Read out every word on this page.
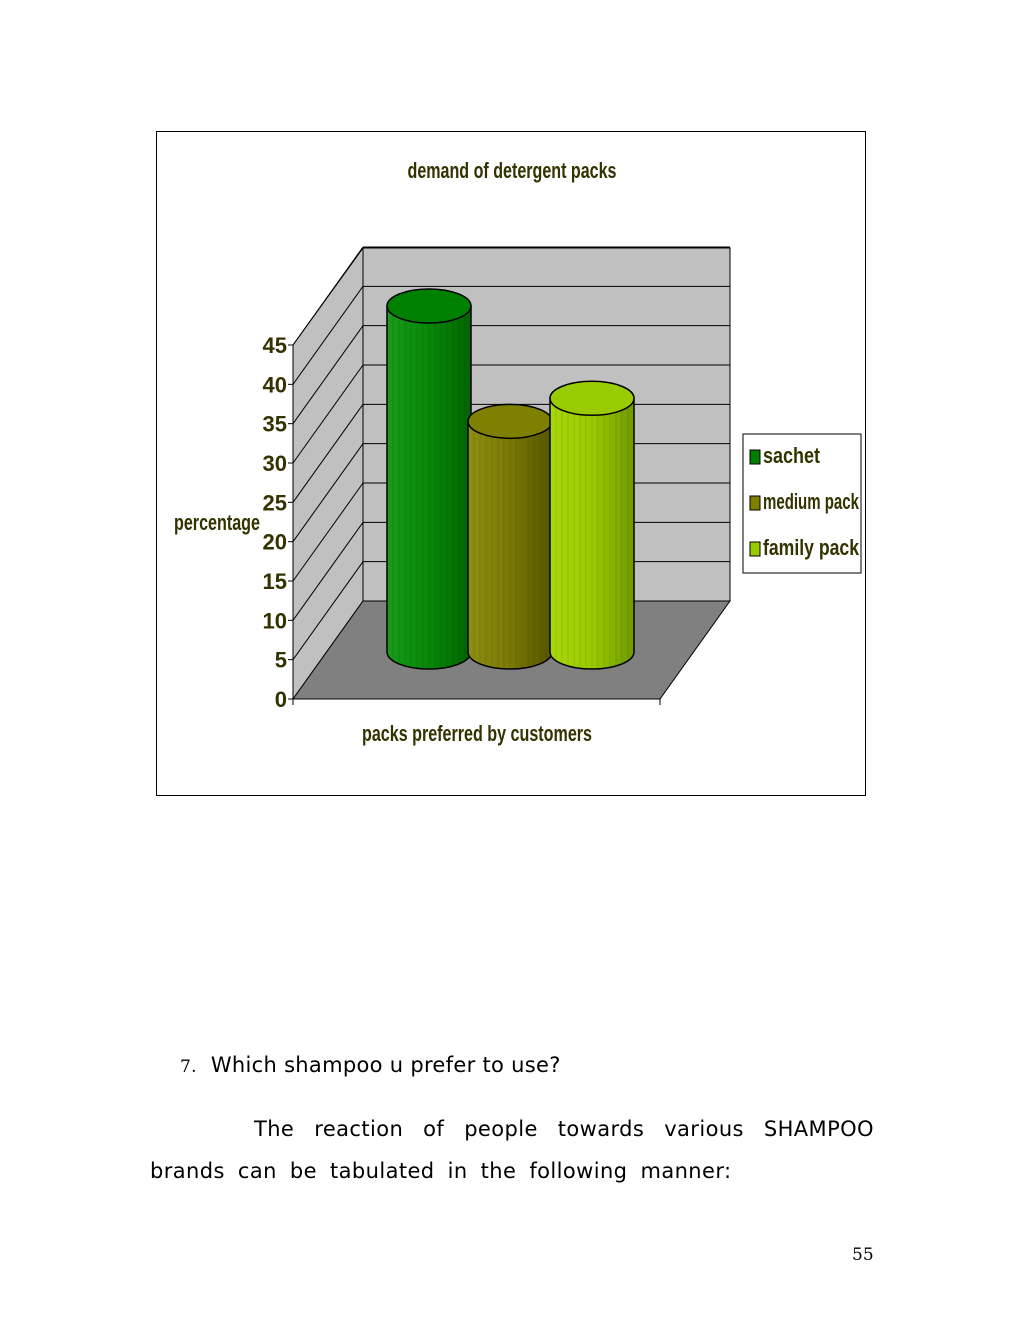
0
5
10
15
20
25
30
35
40
45
demand of detergent packs
percentage
packs preferred by customers
sachet
medium pack
family pack
7. Which shampoo u prefer to use?
The reaction of people towards various SHAMPOO brands can be tabulated in the following manner:
55
